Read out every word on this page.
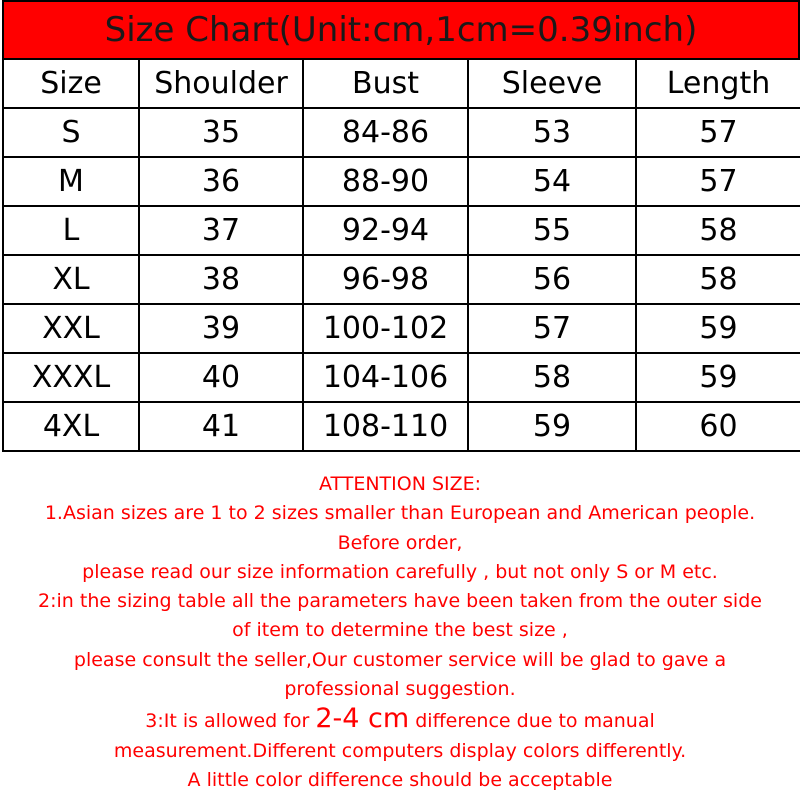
Size Chart(Unit:cm,1cm=0.39inch)
Size	Shoulder	Bust	Sleeve	Length
S	35	84-86	53	57
M	36	88-90	54	57
L	37	92-94	55	58
XL	38	96-98	56	58
XXL	39	100-102	57	59
XXXL	40	104-106	58	59
4XL	41	108-110	59	60
ATTENTION SIZE:
1.Asian sizes are 1 to 2 sizes smaller than European and American people.
Before order,
please read our size information carefully , but not only S or M etc.
2:in the sizing table all the parameters have been taken from the outer side
of item to determine the best size ,
please consult the seller,Our customer service will be glad to gave a
professional suggestion.
3:It is allowed for 2-4 cm difference due to manual
measurement.Different computers display colors differently.
A little color difference should be acceptable
